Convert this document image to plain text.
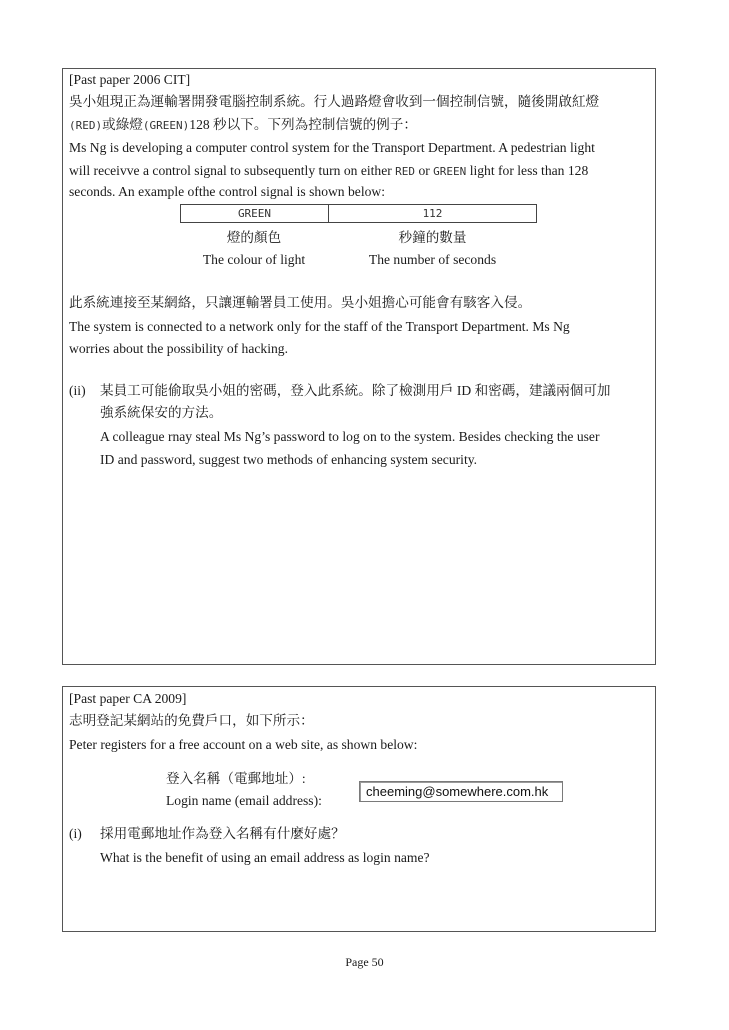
[Past paper 2006 CIT]
吳小姐現正為運輸署開發電腦控制系統。行人過路燈會收到一個控制信號，隨後開啟紅燈
(RED)或綠燈(GREEN)128 秒以下。下列為控制信號的例子：
Ms Ng is developing a computer control system for the Transport Department. A pedestrian light
will receivve a control signal to subsequently turn on either RED or GREEN light for less than 128
seconds. An example ofthe control signal is shown below:
GREEN	112
燈的顏色
The colour of light
秒鐘的數量
The number of seconds
此系統連接至某網絡，只讓運輸署員工使用。吳小姐擔心可能會有駭客入侵。
The system is connected to a network only for the staff of the Transport Department. Ms Ng
worries about the possibility of hacking.
(ii) 某員工可能偷取吳小姐的密碼，登入此系統。除了檢測用戶 ID 和密碼，建議兩個可加
強系統保安的方法。
A colleague rnay steal Ms Ng’s password to log on to the system. Besides checking the user
ID and password, suggest two methods of enhancing system security.
[Past paper CA 2009]
志明登記某網站的免費戶口，如下所示：
Peter registers for a free account on a web site, as shown below:
登入名稱（電郵地址）:
Login name (email address):
cheeming@somewhere.com.hk
(i) 採用電郵地址作為登入名稱有什麼好處？
What is the benefit of using an email address as login name?
Page 50
